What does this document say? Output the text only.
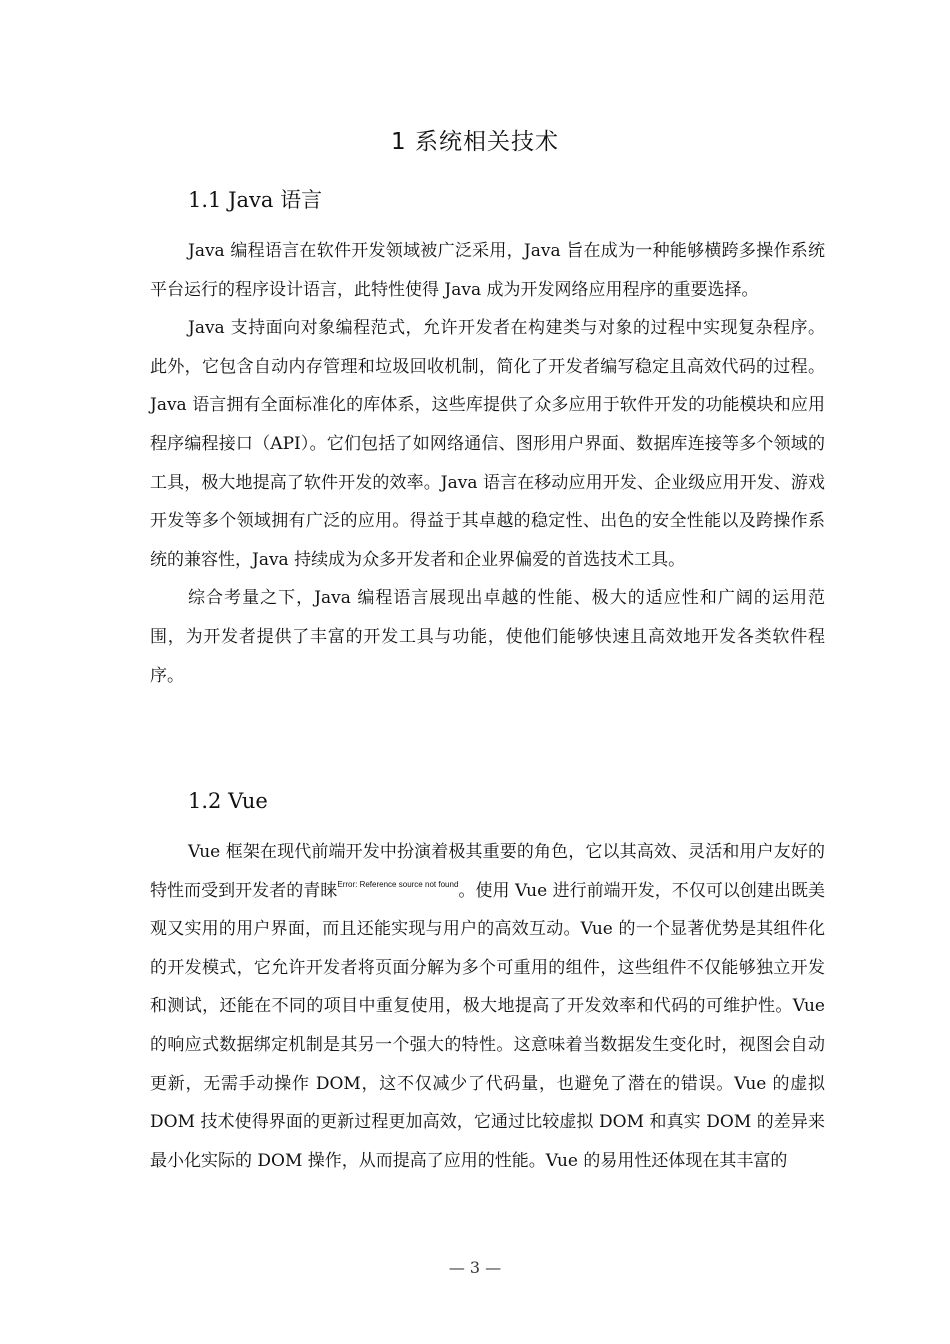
1 系统相关技术
1.1 Java 语言

Java 编程语言在软件开发领域被广泛采用，Java 旨在成为一种能够横跨多操作系统平台运行的程序设计语言，此特性使得 Java 成为开发网络应用程序的重要选择。

Java 支持面向对象编程范式，允许开发者在构建类与对象的过程中实现复杂程序。此外，它包含自动内存管理和垃圾回收机制，简化了开发者编写稳定且高效代码的过程。Java 语言拥有全面标准化的库体系，这些库提供了众多应用于软件开发的功能模块和应用程序编程接口（API）。它们包括了如网络通信、图形用户界面、数据库连接等多个领域的工具，极大地提高了软件开发的效率。Java 语言在移动应用开发、企业级应用开发、游戏开发等多个领域拥有广泛的应用。得益于其卓越的稳定性、出色的安全性能以及跨操作系统的兼容性，Java 持续成为众多开发者和企业界偏爱的首选技术工具。

综合考量之下，Java 编程语言展现出卓越的性能、极大的适应性和广阔的运用范围，为开发者提供了丰富的开发工具与功能，使他们能够快速且高效地开发各类软件程序。

1.2 Vue

Vue 框架在现代前端开发中扮演着极其重要的角色，它以其高效、灵活和用户友好的特性而受到开发者的青睐$^{Error: Reference source not found}$。使用 Vue 进行前端开发，不仅可以创建出既美观又实用的用户界面，而且还能实现与用户的高效互动。Vue 的一个显著优势是其组件化的开发模式，它允许开发者将页面分解为多个可重用的组件，这些组件不仅能够独立开发和测试，还能在不同的项目中重复使用，极大地提高了开发效率和代码的可维护性。Vue 的响应式数据绑定机制是其另一个强大的特性。这意味着当数据发生变化时，视图会自动更新，无需手动操作 DOM，这不仅减少了代码量，也避免了潜在的错误。Vue 的虚拟 DOM 技术使得界面的更新过程更加高效，它通过比较虚拟 DOM 和真实 DOM 的差异来最小化实际的 DOM 操作，从而提高了应用的性能。Vue 的易用性还体现在其丰富的

— 3 —
